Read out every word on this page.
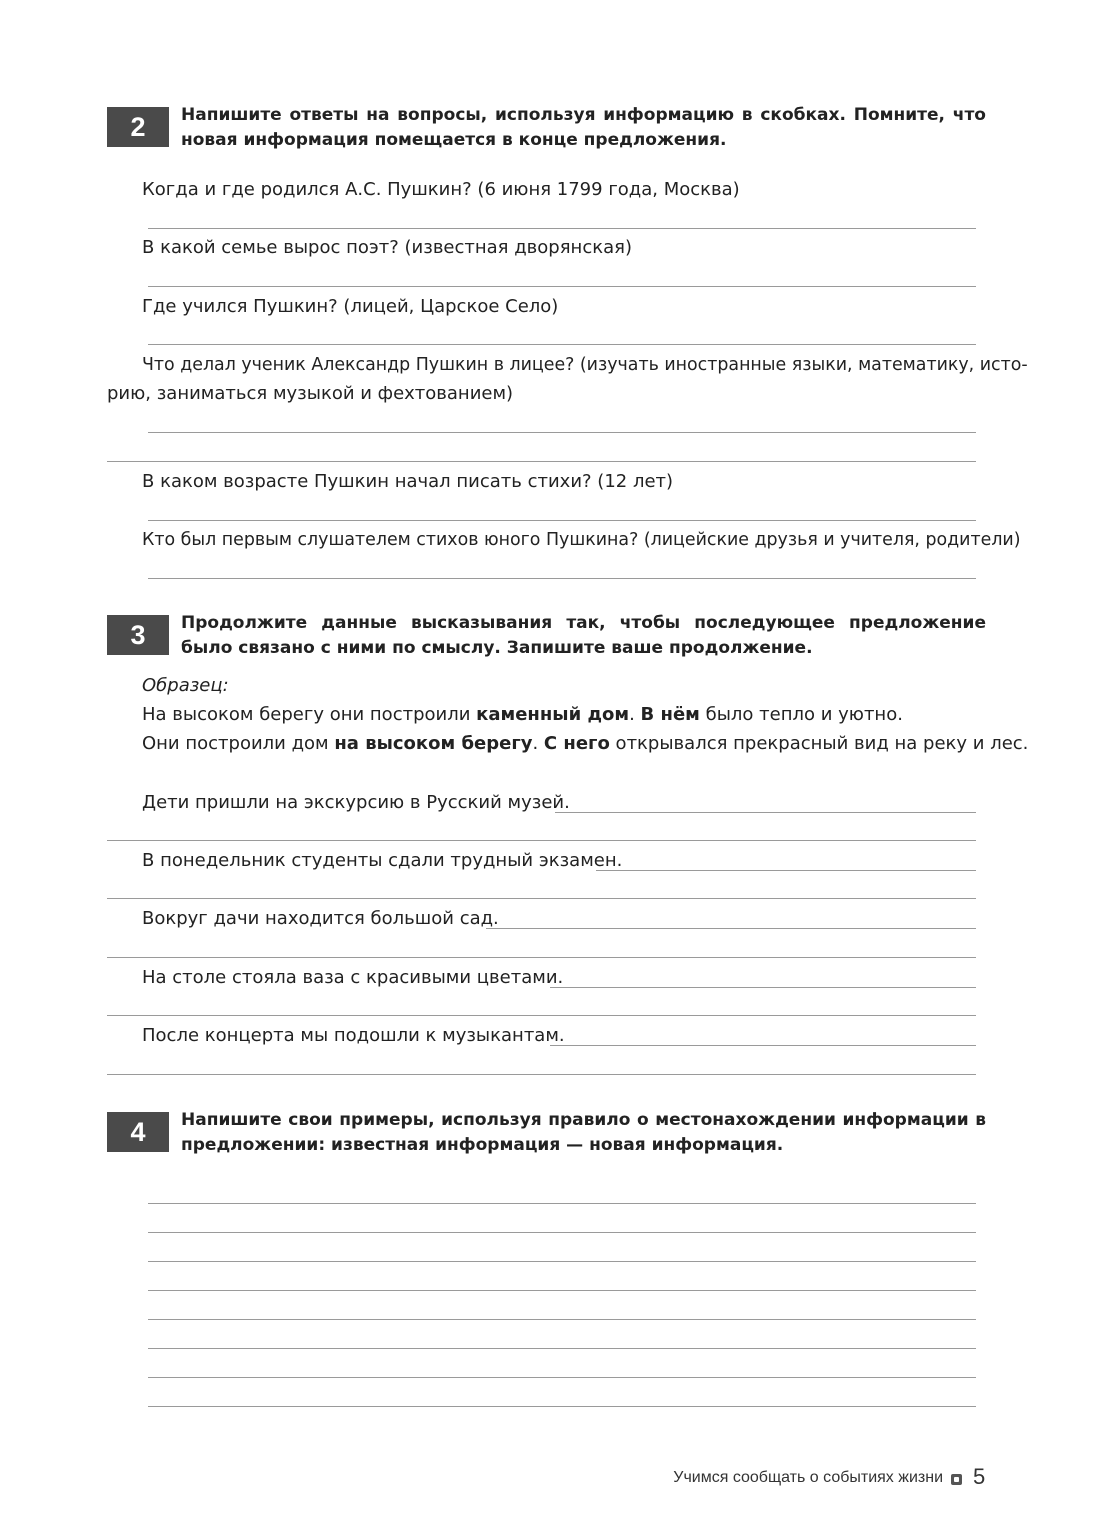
2	Напишите ответы на вопросы, используя информацию в скобках. Помните, что новая информация помещается в конце предложения.
Когда и где родился А.С. Пушкин? (6 июня 1799 года, Москва)
В какой семье вырос поэт? (известная дворянская)
Где учился Пушкин? (лицей, Царское Село)
Что делал ученик Александр Пушкин в лицее? (изучать иностранные языки, математику, исто-
рию, заниматься музыкой и фехтованием)
В каком возрасте Пушкин начал писать стихи? (12 лет)
Кто был первым слушателем стихов юного Пушкина? (лицейские друзья и учителя, родители)
3	Продолжите данные высказывания так, чтобы последующее предложение было связано с ними по смыслу. Запишите ваше продолжение.
Образец:
На высоком берегу они построили каменный дом. В нём было тепло и уютно.
Они построили дом на высоком берегу. С него открывался прекрасный вид на реку и лес.
Дети пришли на экскурсию в Русский музей.
В понедельник студенты сдали трудный экзамен.
Вокруг дачи находится большой сад.
На столе стояла ваза с красивыми цветами.
После концерта мы подошли к музыкантам.
4	Напишите свои примеры, используя правило о местонахождении информации в предложении: известная информация — новая информация.
Учимся сообщать о событиях жизни 5
